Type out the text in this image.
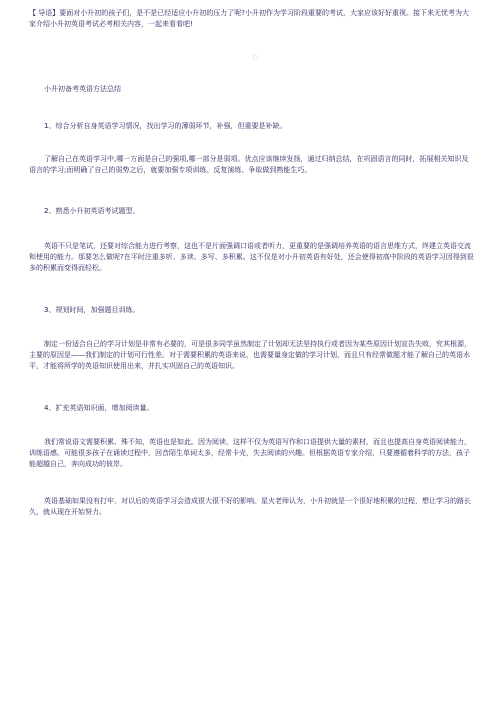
【 导语】要面对小升初的孩子们，是不是已经适应小升初的压力了呢?小升初作为学习阶段重要的考试，大家应该好好重视。接下来无忧考为大家介绍小升初英语考试必考相关内容，一起来看看吧!

□
小升初备考英语方法总结

1、综合分析自身英语学习情况，找出学习的薄弱环节，补强，但重要是补缺。

了解自己在英语学习中,哪一方面是自己的强项,哪一部分是弱项。优点应该继续发扬，通过归纳总结，在巩固语言的同时，拓展相关知识及语言的学习;而明确了自己的弱势之后，就要加强专项训练、反复演练、争取做到熟能生巧。

2、熟悉小升初英语考试题型。

英语不只是笔试，还要对综合能力进行考察，这也不是片面强调口语或者听力，更重要的是强调培养英语的语言思维方式，终建立英语交流和使用的能力。那要怎么做呢?在平时注重多听、多读、多写、多积累。这不仅是对小升初英语有好处，还会使得初高中阶段的英语学习因得到很多的积累而变得而轻松。

3、规划时间，加强题目训练。

制定一份适合自己的学习计划是非常有必要的，可是很多同学虽然制定了计划却无法坚持执行或者因为某些原因计划宣告失败，究其根源，主要的原因是——我们制定的计划可行性差。对于需要积累的英语来说，也需要量身定做的学习计划，而且只有经常做题才能了解自己的英语水平，才能将所学的英语知识使用出来，并扎实巩固自己的英语知识。

4、扩充英语知识面，增加阅读量。

我们常说语文需要积累、殊不知，英语也是如此。因为阅读，这样不仅为英语写作和口语提供大量的素材，而且也提高自身英语阅读能力，训练语感。可能很多孩子在诵读过程中，回音陌生单词太多，经常卡壳，失去阅读的兴趣。但根据英语专家介绍，只要遵循着科学的方法，孩子能超越自己，奔向成功的彼岸。

英语基础如果没有打牢，对以后的英语学习会造成很大很不好的影响。星火老师认为，小升初就是一个很好地积累的过程，想让学习的路长久，就从现在开始努力。
